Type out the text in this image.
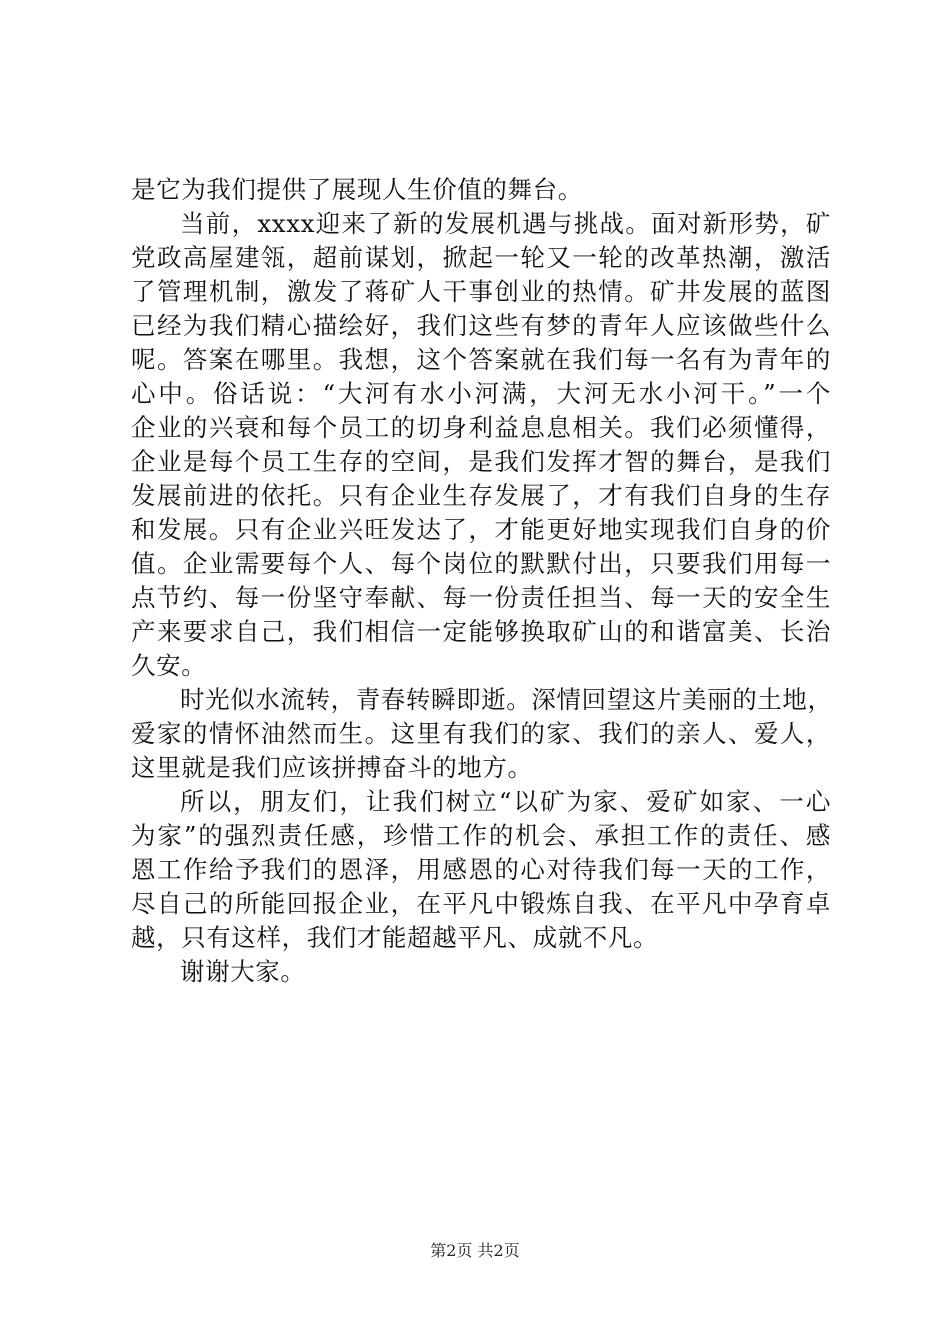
是它为我们提供了展现人生价值的舞台。
当前，xxxx迎来了新的发展机遇与挑战。面对新形势，矿
党政高屋建瓴，超前谋划，掀起一轮又一轮的改革热潮，激活
了管理机制，激发了蒋矿人干事创业的热情。矿井发展的蓝图
已经为我们精心描绘好，我们这些有梦的青年人应该做些什么
呢。答案在哪里。我想，这个答案就在我们每一名有为青年的
心中。俗话说：“大河有水小河满，大河无水小河干。”一个
企业的兴衰和每个员工的切身利益息息相关。我们必须懂得，
企业是每个员工生存的空间，是我们发挥才智的舞台，是我们
发展前进的依托。只有企业生存发展了，才有我们自身的生存
和发展。只有企业兴旺发达了，才能更好地实现我们自身的价
值。企业需要每个人、每个岗位的默默付出，只要我们用每一
点节约、每一份坚守奉献、每一份责任担当、每一天的安全生
产来要求自己，我们相信一定能够换取矿山的和谐富美、长治
久安。
时光似水流转，青春转瞬即逝。深情回望这片美丽的土地，
爱家的情怀油然而生。这里有我们的家、我们的亲人、爱人，
这里就是我们应该拼搏奋斗的地方。
所以，朋友们，让我们树立“以矿为家、爱矿如家、一心
为家”的强烈责任感，珍惜工作的机会、承担工作的责任、感
恩工作给予我们的恩泽，用感恩的心对待我们每一天的工作，
尽自己的所能回报企业，在平凡中锻炼自我、在平凡中孕育卓
越，只有这样，我们才能超越平凡、成就不凡。
谢谢大家。
第2页 共2页
